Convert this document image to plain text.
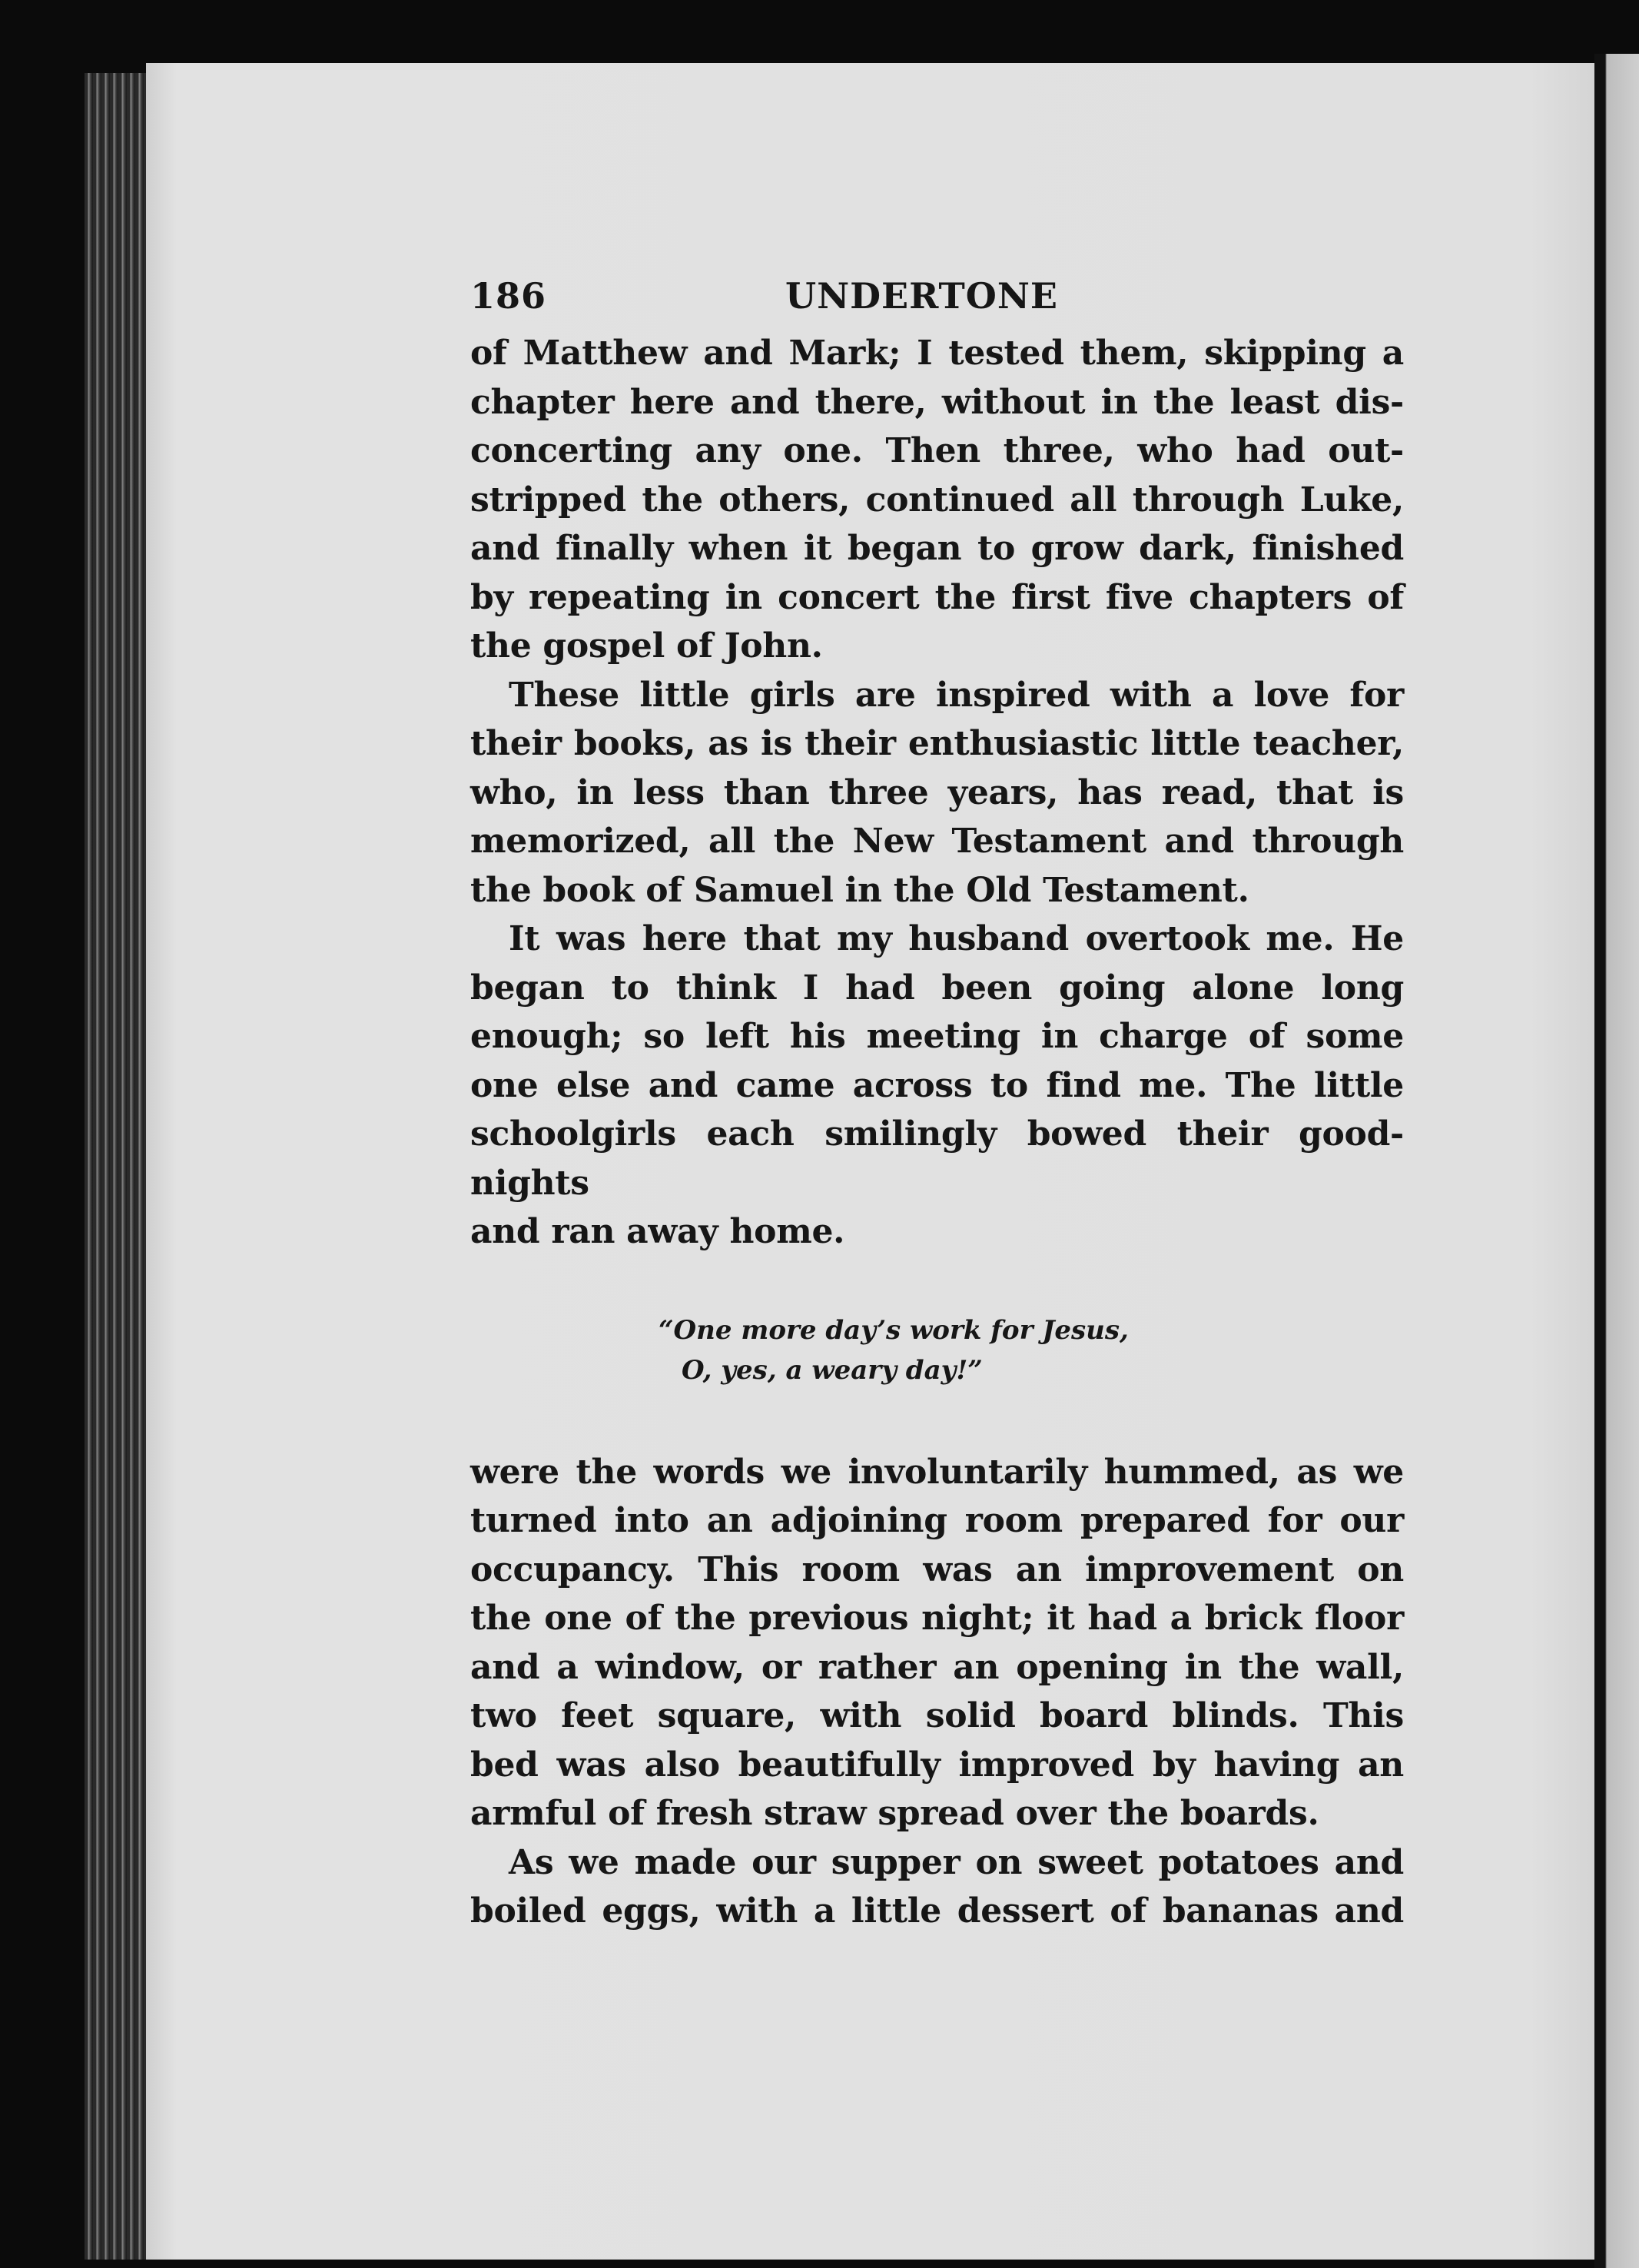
186	UNDERTONE

of Matthew and Mark; I tested them, skipping a
chapter here and there, without in the least dis-
concerting any one. Then three, who had out-
stripped the others, continued all through Luke,
and finally when it began to grow dark, finished
by repeating in concert the first five chapters of
the gospel of John.

These little girls are inspired with a love for
their books, as is their enthusiastic little teacher,
who, in less than three years, has read, that is
memorized, all the New Testament and through
the book of Samuel in the Old Testament.

It was here that my husband overtook me. He
began to think I had been going alone long
enough; so left his meeting in charge of some
one else and came across to find me. The little
schoolgirls each smilingly bowed their good-nights
and ran away home.

“One more day’s work for Jesus,
O, yes, a weary day!”

were the words we involuntarily hummed, as we
turned into an adjoining room prepared for our
occupancy. This room was an improvement on
the one of the previous night; it had a brick floor
and a window, or rather an opening in the wall,
two feet square, with solid board blinds. This
bed was also beautifully improved by having an
armful of fresh straw spread over the boards.

As we made our supper on sweet potatoes and
boiled eggs, with a little dessert of bananas and
